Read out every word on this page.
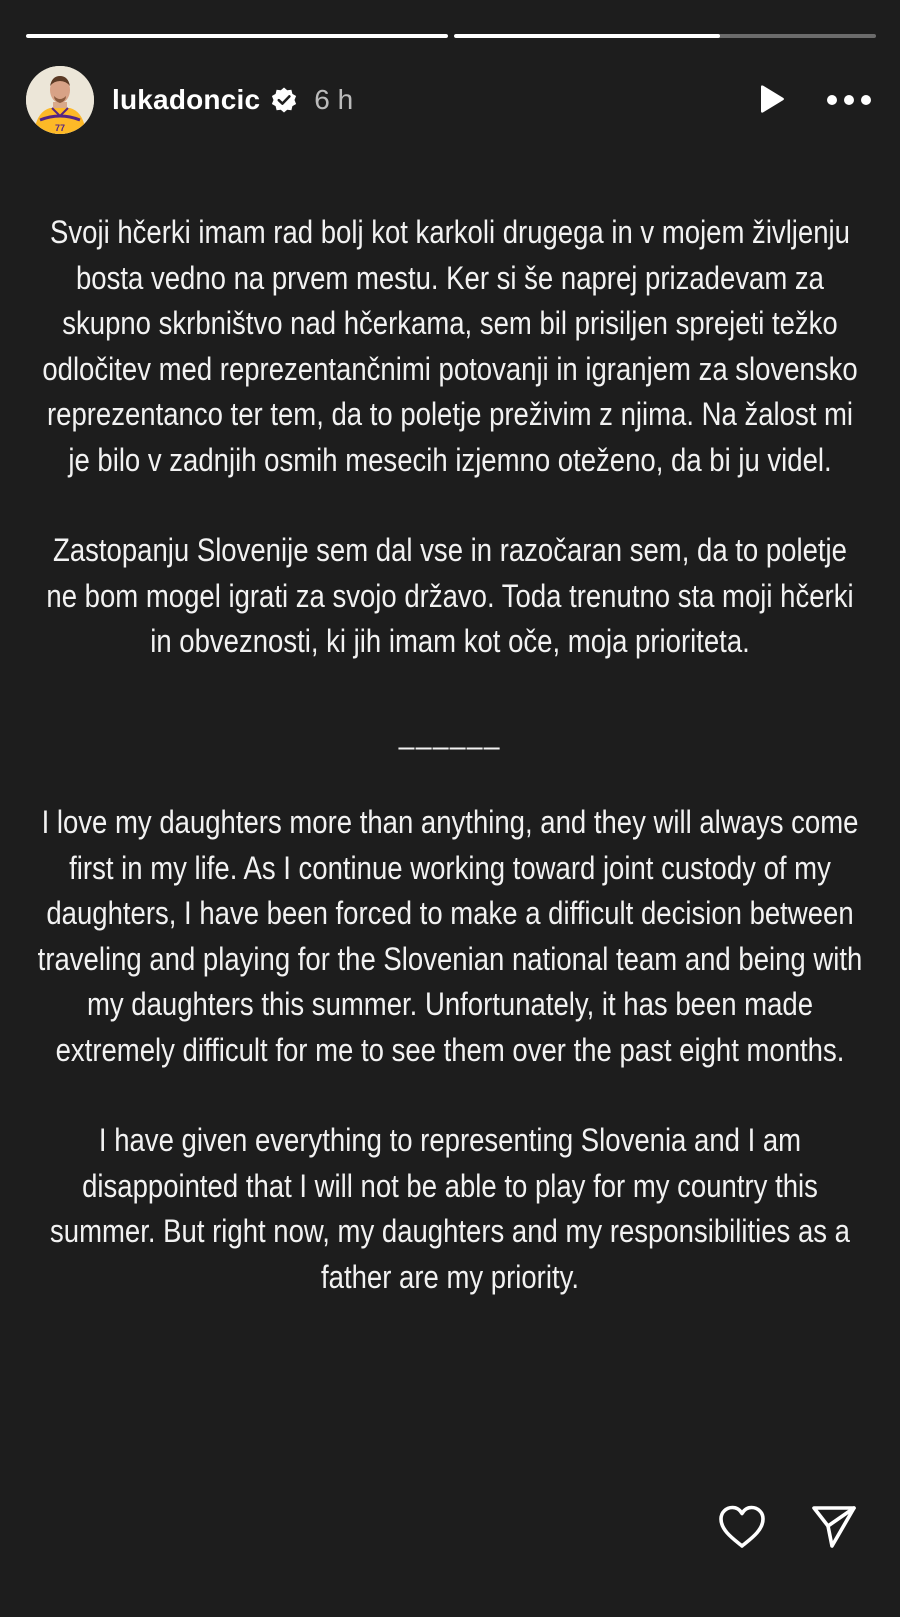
77
lukadoncic 6 h

Svoji hčerki imam rad bolj kot karkoli drugega in v mojem življenju bosta vedno na prvem mestu. Ker si še naprej prizadevam za skupno skrbništvo nad hčerkama, sem bil prisiljen sprejeti težko odločitev med reprezentančnimi potovanji in igranjem za slovensko reprezentanco ter tem, da to poletje preživim z njima. Na žalost mi je bilo v zadnjih osmih mesecih izjemno oteženo, da bi ju videl.

Zastopanju Slovenije sem dal vse in razočaran sem, da to poletje ne bom mogel igrati za svojo državo. Toda trenutno sta moji hčerki in obveznosti, ki jih imam kot oče, moja prioriteta.

______

I love my daughters more than anything, and they will always come first in my life. As I continue working toward joint custody of my daughters, I have been forced to make a difficult decision between traveling and playing for the Slovenian national team and being with my daughters this summer. Unfortunately, it has been made extremely difficult for me to see them over the past eight months.

I have given everything to representing Slovenia and I am disappointed that I will not be able to play for my country this summer. But right now, my daughters and my responsibilities as a father are my priority.
